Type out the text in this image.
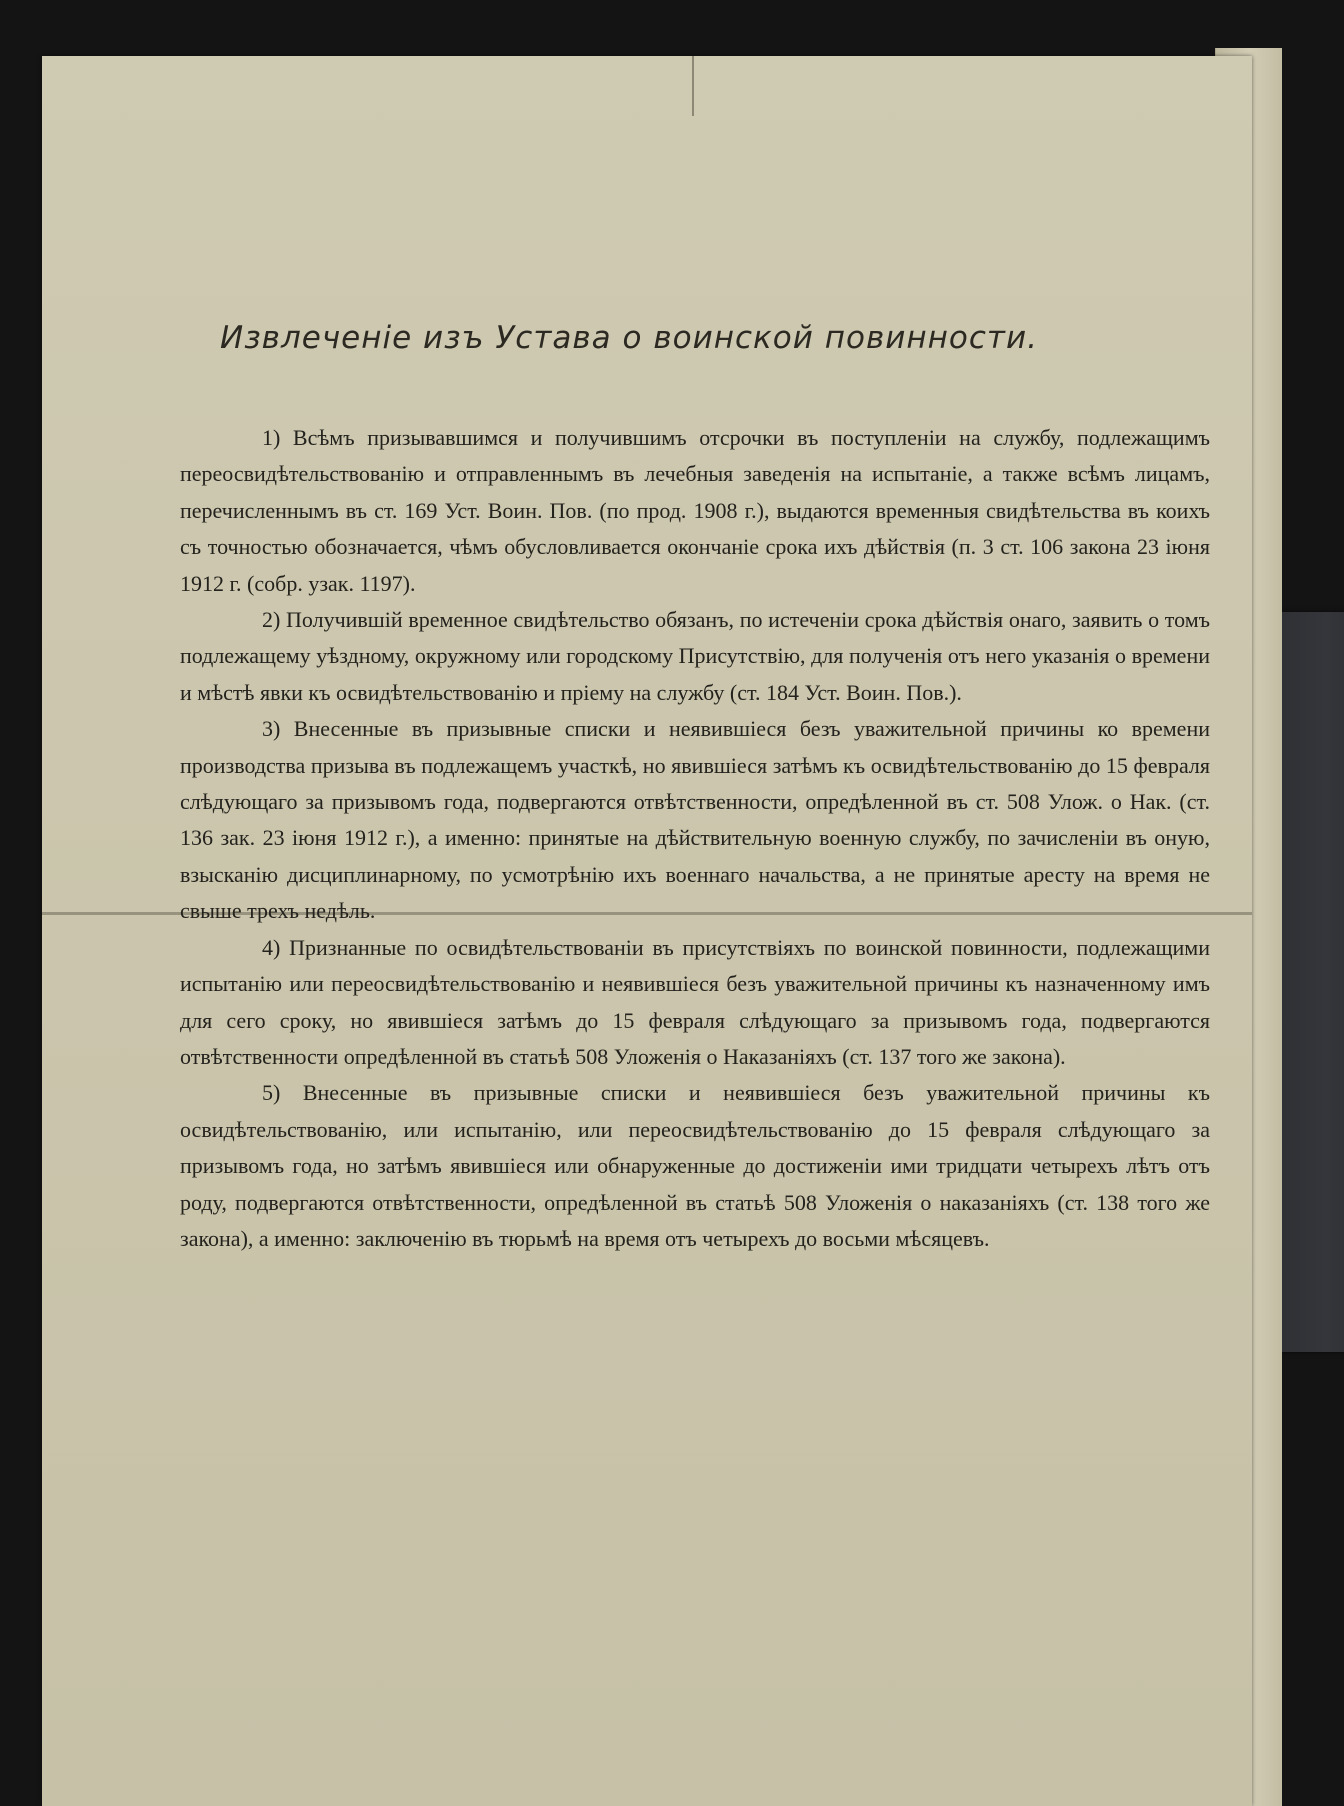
Извлеченіе изъ Устава о воинской повинности.

1) Всѣмъ призывавшимся и получившимъ отсрочки въ поступленіи на службу, подлежащимъ переосвидѣтельствованію и отправленнымъ въ лечебныя заведенія на испытаніе, а также всѣмъ лицамъ, перечисленнымъ въ ст. 169 Уст. Воин. Пов. (по прод. 1908 г.), выдаются временныя свидѣтельства въ коихъ съ точностью обозначается, чѣмъ обусловливается окончаніе срока ихъ дѣйствія (п. 3 ст. 106 закона 23 іюня 1912 г. (собр. узак. 1197).

2) Получившій временное свидѣтельство обязанъ, по истеченіи срока дѣйствія онаго, заявить о томъ подлежащему уѣздному, окружному или городскому Присутствію, для полученія отъ него указанія о времени и мѣстѣ явки къ освидѣтельствованію и пріему на службу (ст. 184 Уст. Воин. Пов.).

3) Внесенные въ призывные списки и неявившіеся безъ уважительной причины ко времени производства призыва въ подлежащемъ участкѣ, но явившіеся затѣмъ къ освидѣтельствованію до 15 февраля слѣдующаго за призывомъ года, подвергаются отвѣтственности, опредѣленной въ ст. 508 Улож. о Нак. (ст. 136 зак. 23 іюня 1912 г.), а именно: принятые на дѣйствительную военную службу, по зачисленіи въ оную, взысканію дисциплинарному, по усмотрѣнію ихъ военнаго начальства, а не принятые аресту на время не свыше трехъ недѣль.

4) Признанные по освидѣтельствованіи въ присутствіяхъ по воинской повинности, подлежащими испытанію или переосвидѣтельствованію и неявившіеся безъ уважительной причины къ назначенному имъ для сего сроку, но явившіеся затѣмъ до 15 февраля слѣдующаго за призывомъ года, подвергаются отвѣтственности опредѣленной въ статьѣ 508 Уложенія о Наказаніяхъ (ст. 137 того же закона).

5) Внесенные въ призывные списки и неявившіеся безъ уважительной причины къ освидѣтельствованію, или испытанію, или переосвидѣтельствованію до 15 февраля слѣдующаго за призывомъ года, но затѣмъ явившіеся или обнаруженные до достиженіи ими тридцати четырехъ лѣтъ отъ роду, подвергаются отвѣтственности, опредѣленной въ статьѣ 508 Уложенія о наказаніяхъ (ст. 138 того же закона), а именно: заключенію въ тюрьмѣ на время отъ четырехъ до восьми мѣсяцевъ.
